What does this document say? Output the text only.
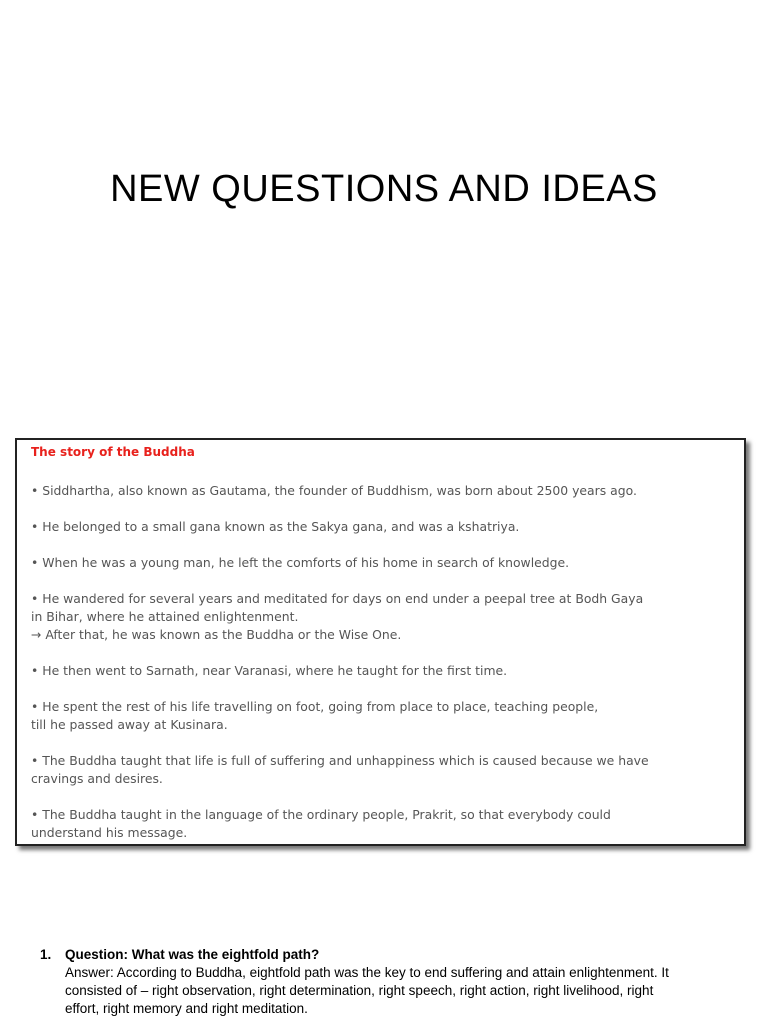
NEW QUESTIONS AND IDEAS
The story of the Buddha
• Siddhartha, also known as Gautama, the founder of Buddhism, was born about 2500 years ago.
• He belonged to a small gana known as the Sakya gana, and was a kshatriya.
• When he was a young man, he left the comforts of his home in search of knowledge.
• He wandered for several years and meditated for days on end under a peepal tree at Bodh Gaya
in Bihar, where he attained enlightenment.
→ After that, he was known as the Buddha or the Wise One.
• He then went to Sarnath, near Varanasi, where he taught for the first time.
• He spent the rest of his life travelling on foot, going from place to place, teaching people,
till he passed away at Kusinara.
• The Buddha taught that life is full of suffering and unhappiness which is caused because we have
cravings and desires.
• The Buddha taught in the language of the ordinary people, Prakrit, so that everybody could
understand his message.
1. Question: What was the eightfold path?
Answer: According to Buddha, eightfold path was the key to end suffering and attain enlightenment. It consisted of – right observation, right determination, right speech, right action, right livelihood, right effort, right memory and right meditation.
